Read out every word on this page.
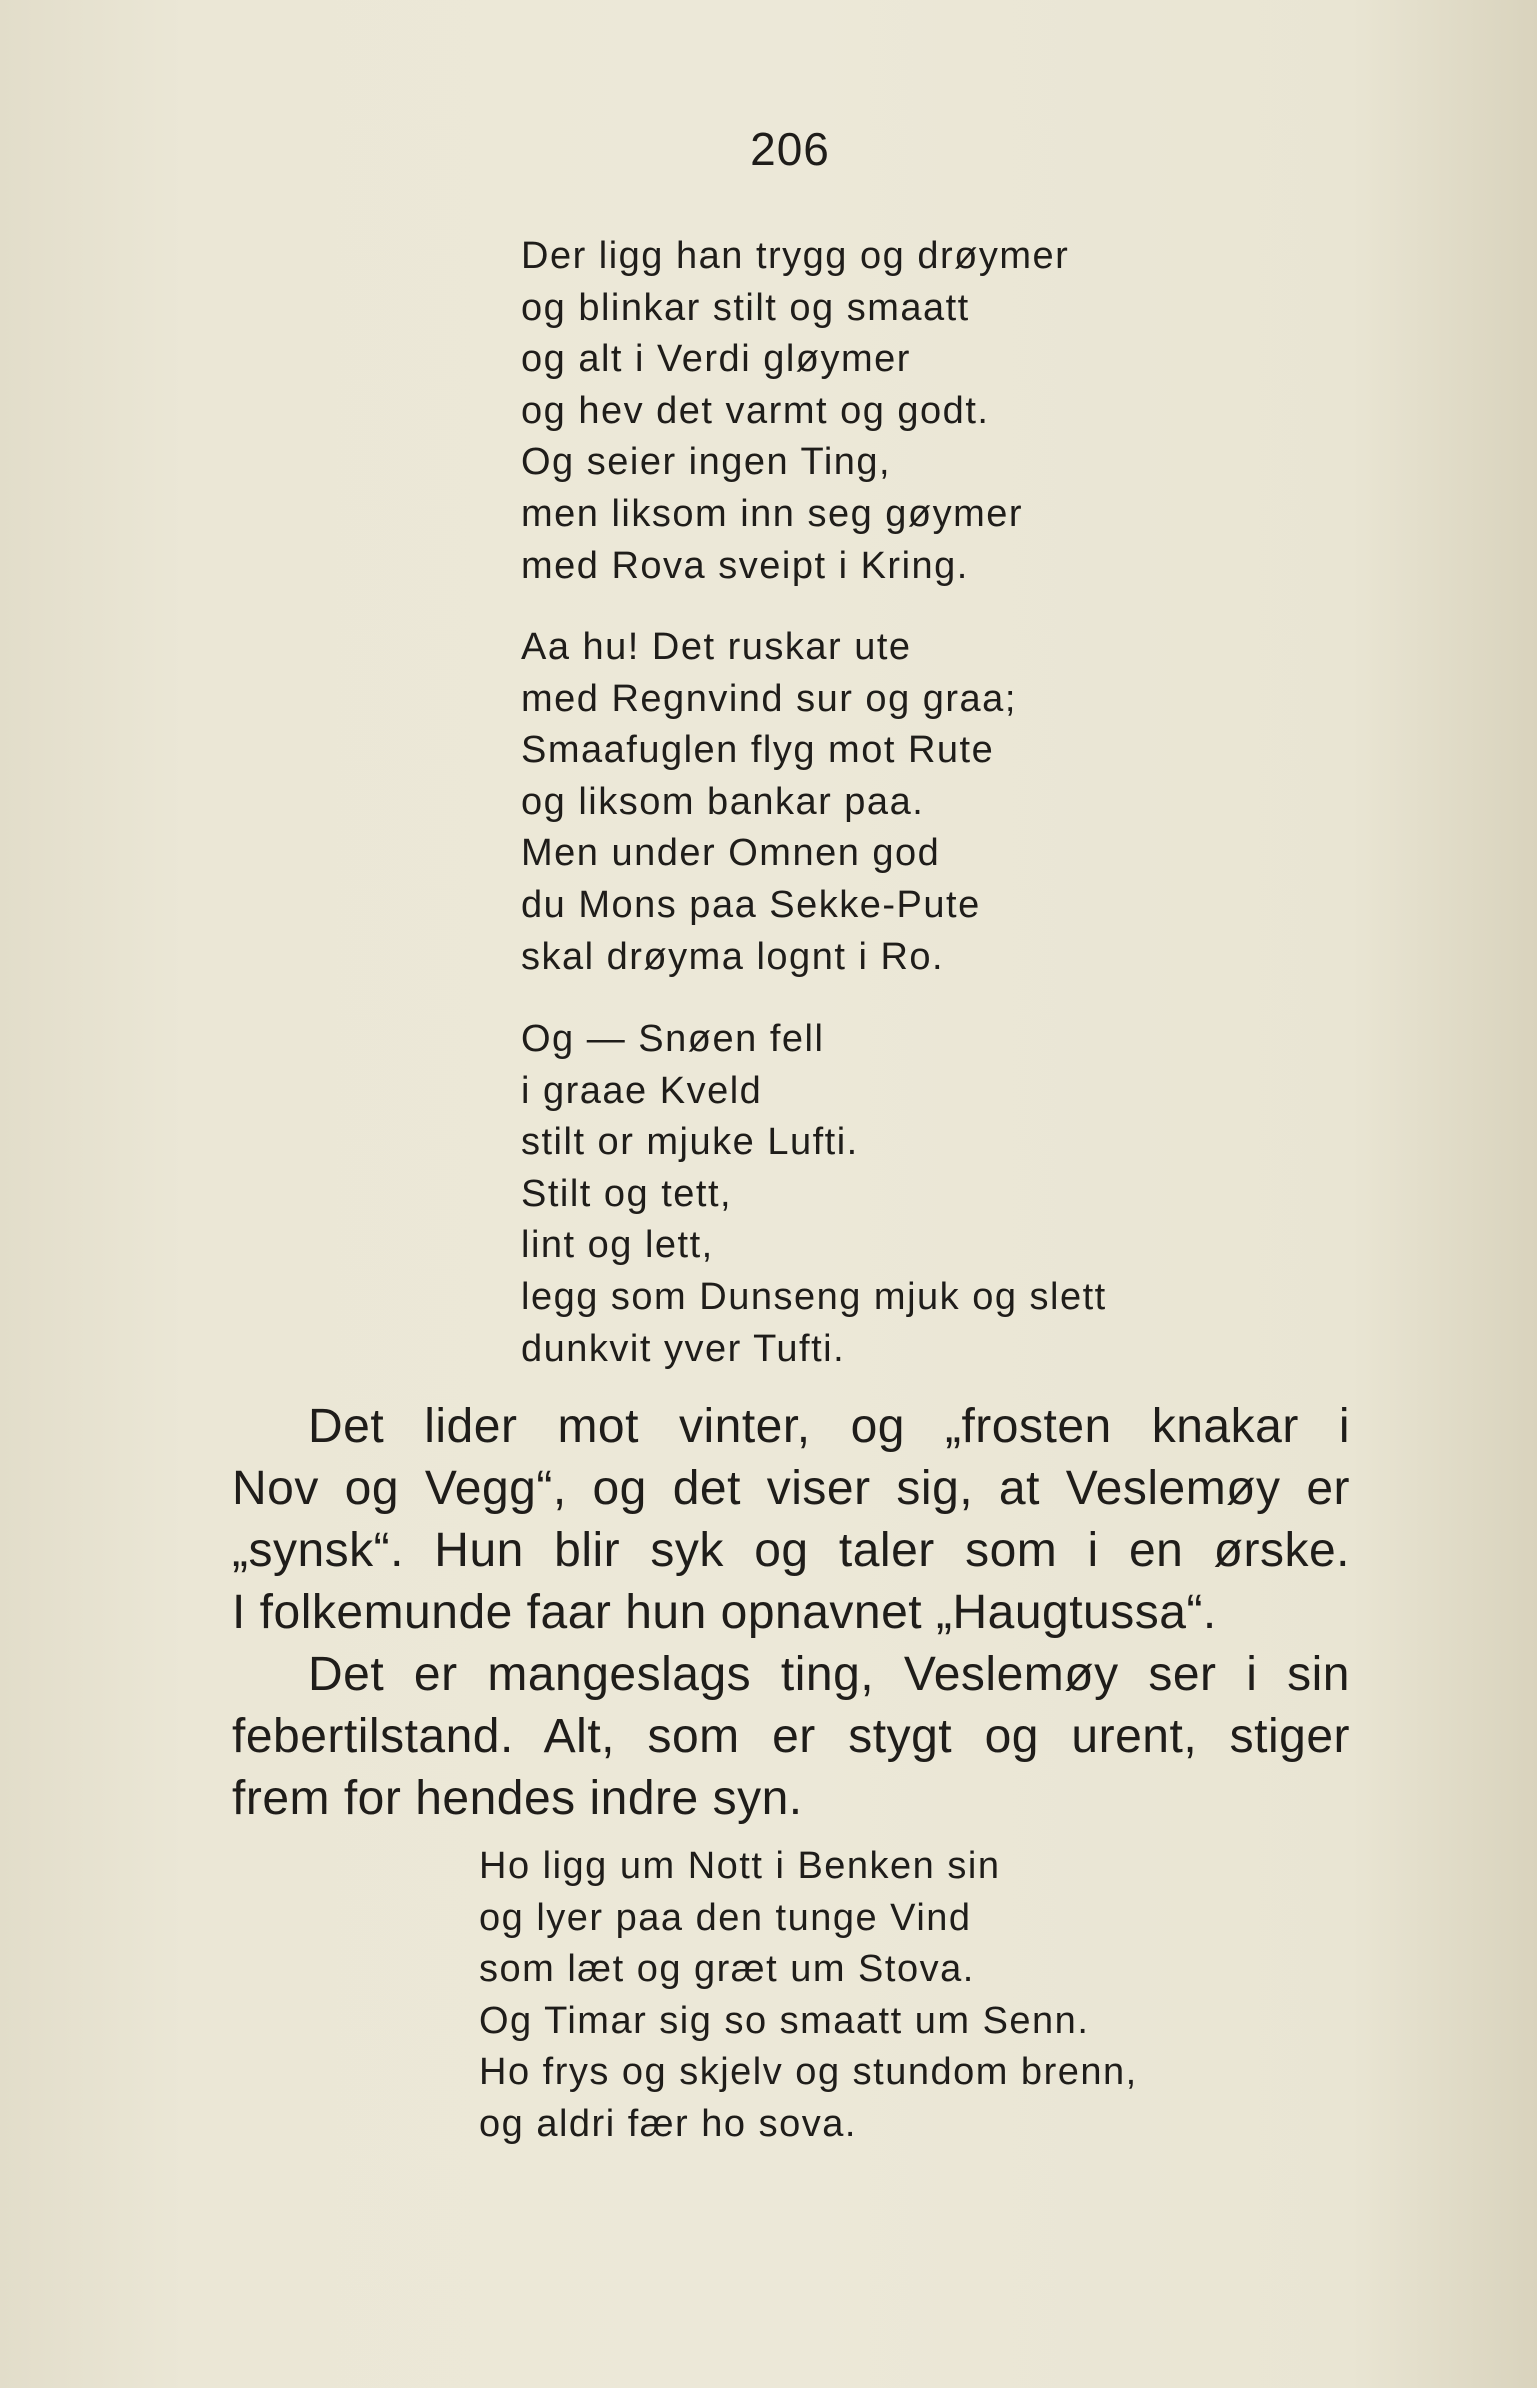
206
Der ligg han trygg og drøymer
og blinkar stilt og smaatt
og alt i Verdi gløymer
og hev det varmt og godt.
Og seier ingen Ting,
men liksom inn seg gøymer
med Rova sveipt i Kring.
Aa hu! Det ruskar ute
med Regnvind sur og graa;
Smaafuglen flyg mot Rute
og liksom bankar paa.
Men under Omnen god
du Mons paa Sekke-Pute
skal drøyma lognt i Ro.
Og — Snøen fell
i graae Kveld
stilt or mjuke Lufti.
Stilt og tett,
lint og lett,
legg som Dunseng mjuk og slett
dunkvit yver Tufti.
Det lider mot vinter, og „frosten knakar i
Nov og Vegg“, og det viser sig, at Veslemøy er
„synsk“. Hun blir syk og taler som i en ørske.
I folkemunde faar hun opnavnet „Haugtussa“.
Det er mangeslags ting, Veslemøy ser i sin
febertilstand. Alt, som er stygt og urent, stiger
frem for hendes indre syn.
Ho ligg um Nott i Benken sin
og lyer paa den tunge Vind
som læt og græt um Stova.
Og Timar sig so smaatt um Senn.
Ho frys og skjelv og stundom brenn,
og aldri fær ho sova.
